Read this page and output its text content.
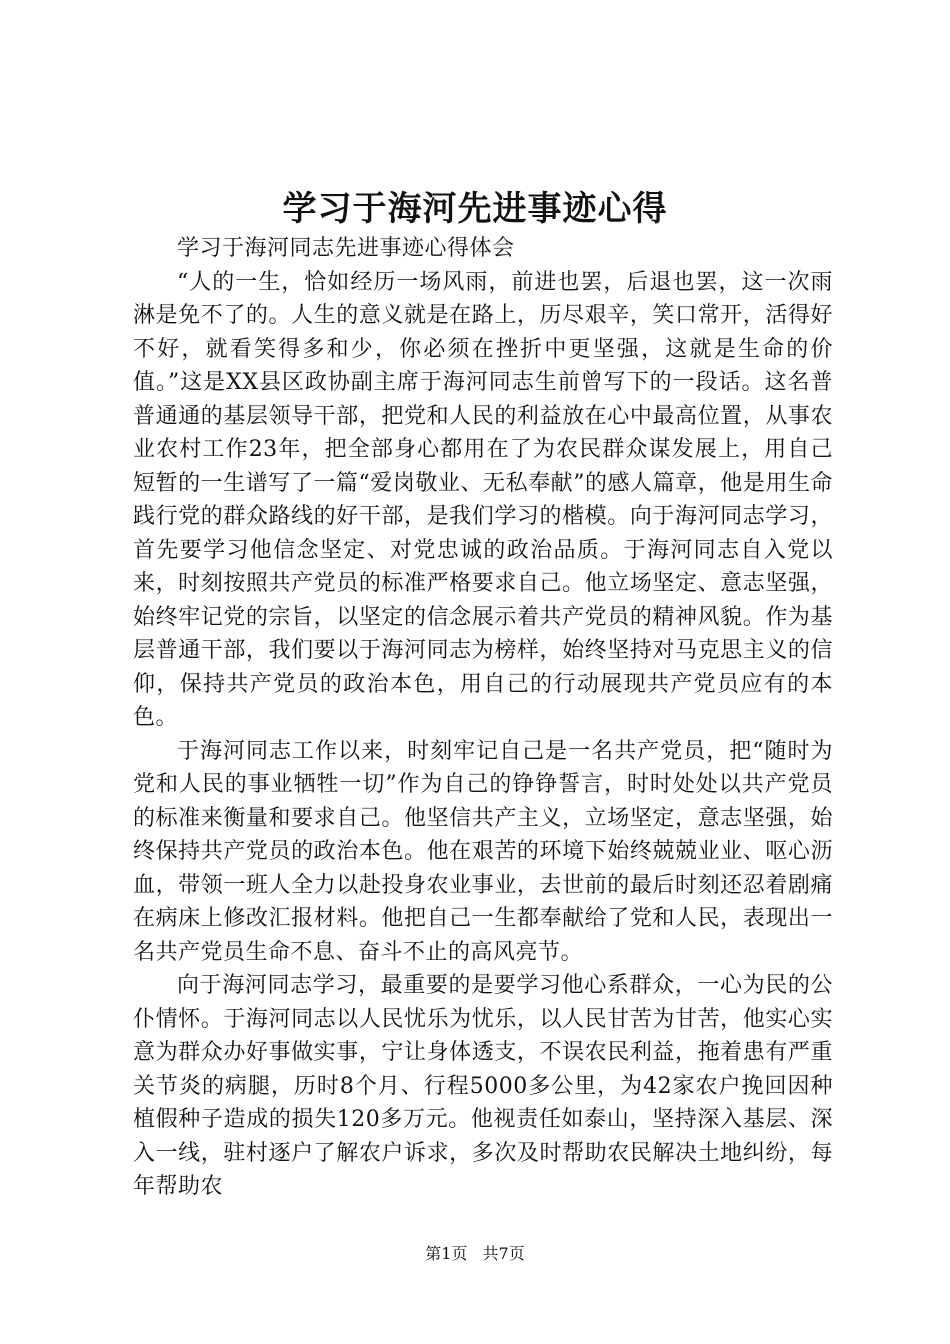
学习于海河先进事迹心得

学习于海河同志先进事迹心得体会

“人的一生，恰如经历一场风雨，前进也罢，后退也罢，这一次雨淋是免不了的。人生的意义就是在路上，历尽艰辛，笑口常开，活得好不好，就看笑得多和少，你必须在挫折中更坚强，这就是生命的价值。”这是XX县区政协副主席于海河同志生前曾写下的一段话。这名普普通通的基层领导干部，把党和人民的利益放在心中最高位置，从事农业农村工作23年，把全部身心都用在了为农民群众谋发展上，用自己短暂的一生谱写了一篇“爱岗敬业、无私奉献”的感人篇章，他是用生命践行党的群众路线的好干部，是我们学习的楷模。向于海河同志学习，首先要学习他信念坚定、对党忠诚的政治品质。于海河同志自入党以来，时刻按照共产党员的标准严格要求自己。他立场坚定、意志坚强，始终牢记党的宗旨，以坚定的信念展示着共产党员的精神风貌。作为基层普通干部，我们要以于海河同志为榜样，始终坚持对马克思主义的信仰，保持共产党员的政治本色，用自己的行动展现共产党员应有的本色。

于海河同志工作以来，时刻牢记自己是一名共产党员，把“随时为党和人民的事业牺牲一切”作为自己的铮铮誓言，时时处处以共产党员的标准来衡量和要求自己。他坚信共产主义，立场坚定，意志坚强，始终保持共产党员的政治本色。他在艰苦的环境下始终兢兢业业、呕心沥血，带领一班人全力以赴投身农业事业，去世前的最后时刻还忍着剧痛在病床上修改汇报材料。他把自己一生都奉献给了党和人民，表现出一名共产党员生命不息、奋斗不止的高风亮节。

向于海河同志学习，最重要的是要学习他心系群众，一心为民的公仆情怀。于海河同志以人民忧乐为忧乐，以人民甘苦为甘苦，他实心实意为群众办好事做实事，宁让身体透支，不误农民利益，拖着患有严重关节炎的病腿，历时8个月、行程5000多公里，为42家农户挽回因种植假种子造成的损失120多万元。他视责任如泰山，坚持深入基层、深入一线，驻村逐户了解农户诉求，多次及时帮助农民解决土地纠纷，每年帮助农

第1页 共7页
